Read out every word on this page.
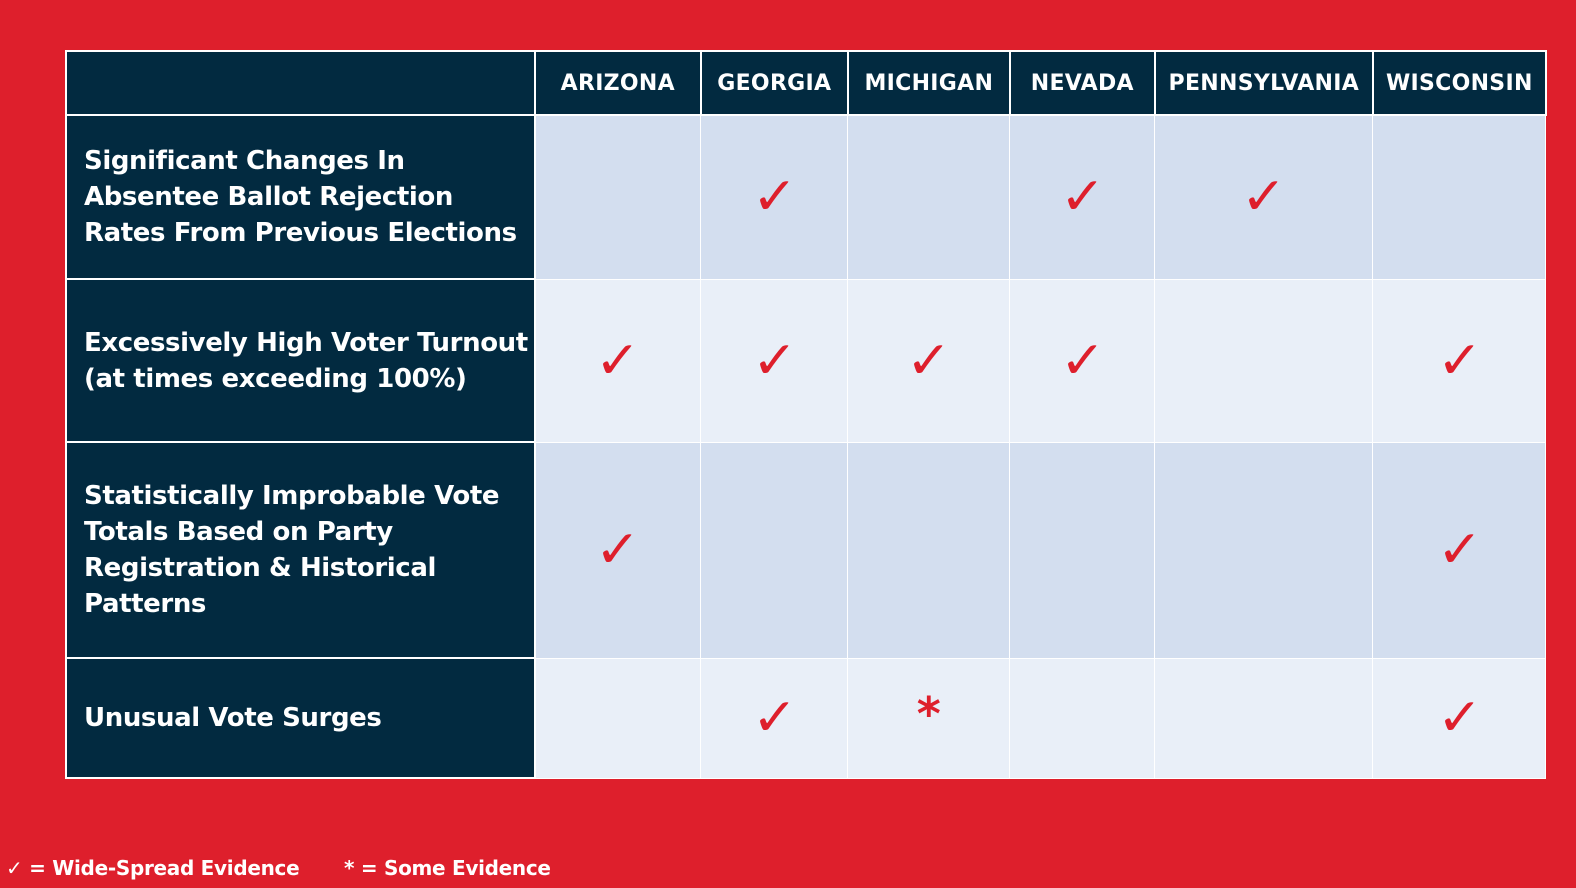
	ARIZONA	GEORGIA	MICHIGAN	NEVADA	PENNSYLVANIA	WISCONSIN
Significant Changes In
Absentee Ballot Rejection
Rates From Previous Elections		✓		✓	✓	
Excessively High Voter Turnout
(at times exceeding 100%)	✓	✓	✓	✓		✓
Statistically Improbable Vote
Totals Based on Party
Registration & Historical
Patterns	✓					✓
Unusual Vote Surges		✓	*			✓
✓ = Wide-Spread Evidence * = Some Evidence
